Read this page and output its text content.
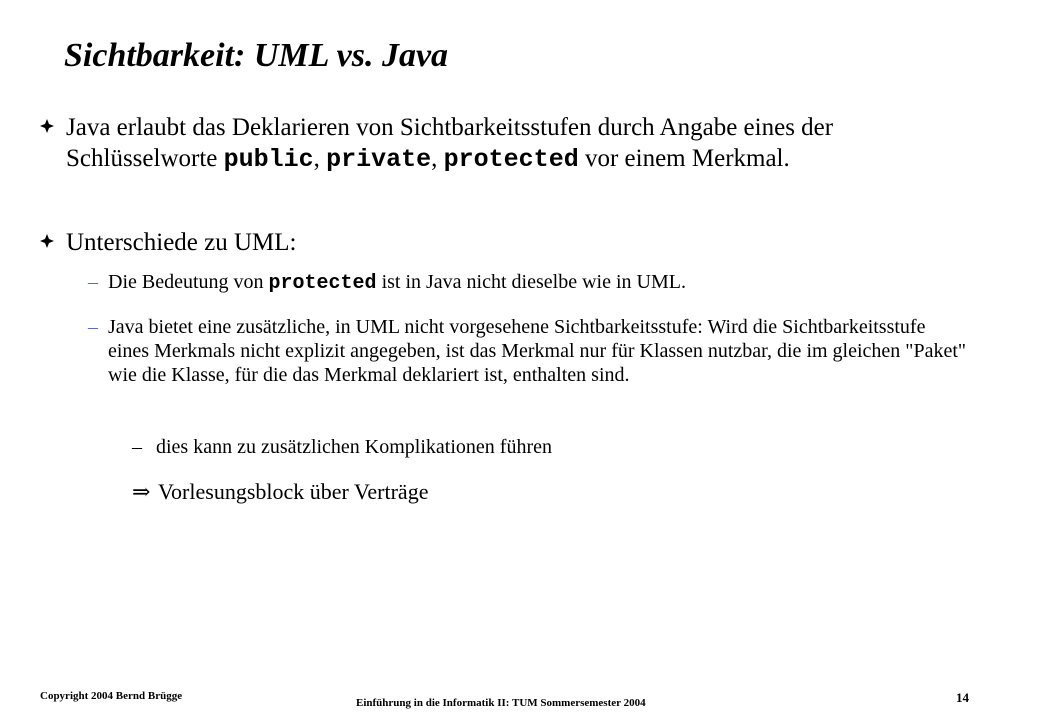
Sichtbarkeit: UML vs. Java
Java erlaubt das Deklarieren von Sichtbarkeitsstufen durch Angabe eines der Schlüsselworte public, private, protected vor einem Merkmal.
Unterschiede zu UML:
– Die Bedeutung von protected ist in Java nicht dieselbe wie in UML.
– Java bietet eine zusätzliche, in UML nicht vorgesehene Sichtbarkeitsstufe: Wird die Sichtbarkeitsstufe eines Merkmals nicht explizit angegeben, ist das Merkmal nur für Klassen nutzbar, die im gleichen "Paket" wie die Klasse, für die das Merkmal deklariert ist, enthalten sind.
– dies kann zu zusätzlichen Komplikationen führen
⇒ Vorlesungsblock über Verträge
Copyright 2004 Bernd Brügge
Einführung in die Informatik II: TUM Sommersemester 2004	14
